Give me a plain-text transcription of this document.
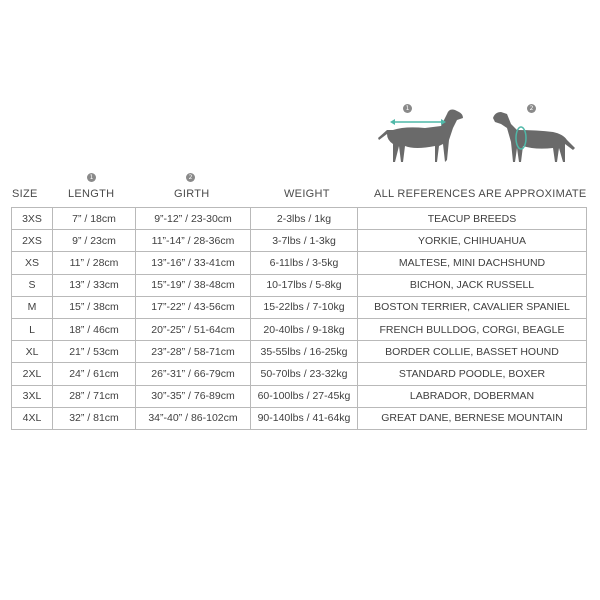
1	2
1	2
SIZE	LENGTH	GIRTH	WEIGHT	ALL REFERENCES ARE APPROXIMATE
3XS	7” / 18cm	9”-12” / 23-30cm	2-3lbs / 1kg	TEACUP BREEDS
2XS	9” / 23cm	11”-14” / 28-36cm	3-7lbs / 1-3kg	YORKIE, CHIHUAHUA
XS	11” / 28cm	13”-16” / 33-41cm	6-11lbs / 3-5kg	MALTESE, MINI DACHSHUND
S	13” / 33cm	15”-19” / 38-48cm	10-17lbs / 5-8kg	BICHON, JACK RUSSELL
M	15” / 38cm	17”-22” / 43-56cm	15-22lbs / 7-10kg	BOSTON TERRIER, CAVALIER SPANIEL
L	18” / 46cm	20”-25” / 51-64cm	20-40lbs / 9-18kg	FRENCH BULLDOG, CORGI, BEAGLE
XL	21” / 53cm	23”-28” / 58-71cm	35-55lbs / 16-25kg	BORDER COLLIE, BASSET HOUND
2XL	24” / 61cm	26”-31” / 66-79cm	50-70lbs / 23-32kg	STANDARD POODLE, BOXER
3XL	28” / 71cm	30”-35” / 76-89cm	60-100lbs / 27-45kg	LABRADOR, DOBERMAN
4XL	32” / 81cm	34”-40” / 86-102cm	90-140lbs / 41-64kg	GREAT DANE, BERNESE MOUNTAIN
